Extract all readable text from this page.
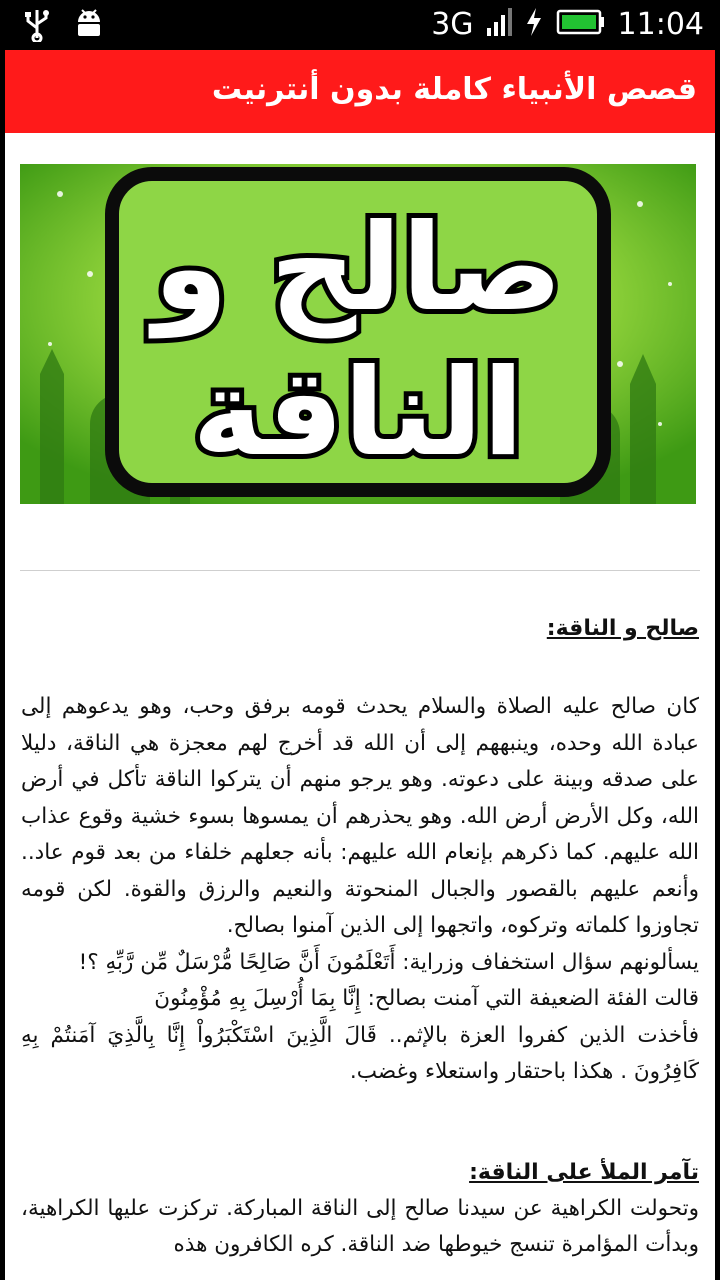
3G	11:04
قصص الأنبياء كاملة بدون أنترنيت
صالح و
الناقة
صالح و الناقة:

كان صالح عليه الصلاة والسلام يحدث قومه برفق وحب، وهو يدعوهم إلى عبادة الله وحده، وينبههم إلى أن الله قد أخرج لهم معجزة هي الناقة، دليلا على صدقه وبينة على دعوته. وهو يرجو منهم أن يتركوا الناقة تأكل في أرض الله، وكل الأرض أرض الله. وهو يحذرهم أن يمسوها بسوء خشية وقوع عذاب الله عليهم. كما ذكرهم بإنعام الله عليهم: بأنه جعلهم خلفاء من بعد قوم عاد.. وأنعم عليهم بالقصور والجبال المنحوتة والنعيم والرزق والقوة. لكن قومه تجاوزوا كلماته وتركوه، واتجهوا إلى الذين آمنوا بصالح.

يسألونهم سؤال استخفاف وزراية: أَتَعْلَمُونَ أَنَّ صَالِحًا مُّرْسَلٌ مِّن رَّبِّهِ ؟!

قالت الفئة الضعيفة التي آمنت بصالح: إِنَّا بِمَا أُرْسِلَ بِهِ مُؤْمِنُونَ

فأخذت الذين كفروا العزة بالإثم.. قَالَ الَّذِينَ اسْتَكْبَرُواْ إِنَّا بِالَّذِيَ آمَنتُمْ بِهِ كَافِرُونَ . هكذا باحتقار واستعلاء وغضب.

تآمر الملأ على الناقة:

وتحولت الكراهية عن سيدنا صالح إلى الناقة المباركة. تركزت عليها الكراهية، وبدأت المؤامرة تنسج خيوطها ضد الناقة. كره الكافرون هذه
